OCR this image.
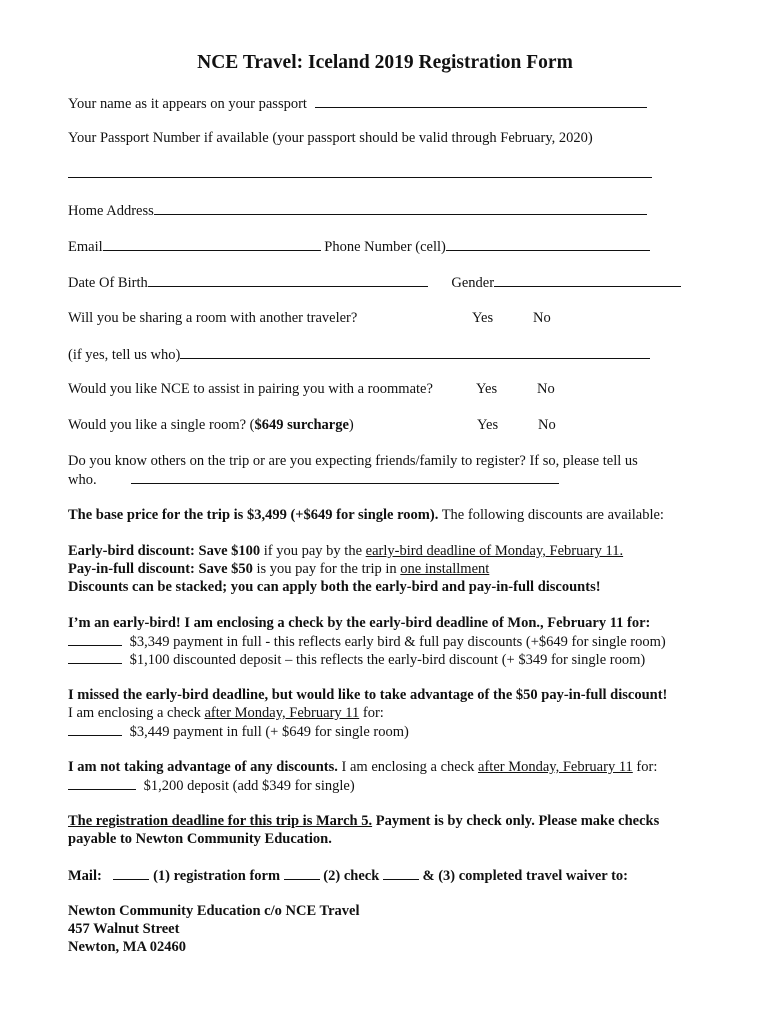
NCE Travel: Iceland 2019 Registration Form
Your name as it appears on your passport
Your Passport Number if available (your passport should be valid through February, 2020)
Home Address
Email	Phone Number (cell)
Date Of Birth	Gender
Will you be sharing a room with another traveler?	Yes	No
(if yes, tell us who)
Would you like NCE to assist in pairing you with a roommate?	Yes	No
Would you like a single room? ($649 surcharge)	Yes	No
Do you know others on the trip or are you expecting friends/family to register? If so, please tell us
who.
The base price for the trip is $3,499 (+$649 for single room). The following discounts are available:
Early-bird discount: Save $100 if you pay by the early-bird deadline of Monday, February 11.
Pay-in-full discount: Save $50 is you pay for the trip in one installment
Discounts can be stacked; you can apply both the early-bird and pay-in-full discounts!
I’m an early-bird! I am enclosing a check by the early-bird deadline of Mon., February 11 for:
$3,349 payment in full - this reflects early bird & full pay discounts (+$649 for single room)
$1,100 discounted deposit – this reflects the early-bird discount (+ $349 for single room)
I missed the early-bird deadline, but would like to take advantage of the $50 pay-in-full discount!
I am enclosing a check after Monday, February 11 for:
$3,449 payment in full (+ $649 for single room)
I am not taking advantage of any discounts. I am enclosing a check after Monday, February 11 for:
$1,200 deposit (add $349 for single)
The registration deadline for this trip is March 5. Payment is by check only. Please make checks
payable to Newton Community Education.
Mail:	(1) registration form  (2) check  & (3) completed travel waiver to:
Newton Community Education c/o NCE Travel
457 Walnut Street
Newton, MA 02460
